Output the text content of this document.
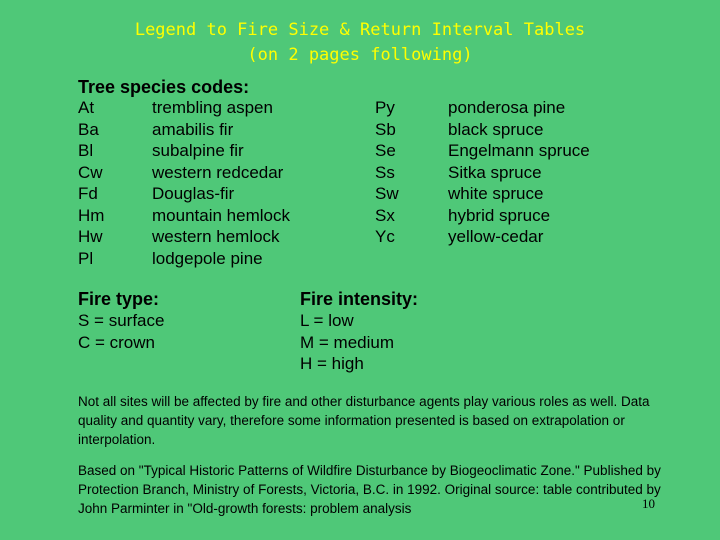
Legend to Fire Size & Return Interval Tables
(on 2 pages following)
Tree species codes:
At	trembling aspen
Ba	amabilis fir
Bl	subalpine fir
Cw	western redcedar
Fd	Douglas-fir
Hm	mountain hemlock
Hw	western hemlock
Pl	lodgepole pine
Py	ponderosa pine
Sb	black spruce
Se	Engelmann spruce
Ss	Sitka spruce
Sw	white spruce
Sx	hybrid spruce
Yc	yellow-cedar
Fire type:
S = surface
C = crown
Fire intensity:
L = low
M = medium
H = high
Not all sites will be affected by fire and other disturbance agents play various roles as well. Data quality and quantity vary, therefore some information presented is based on extrapolation or interpolation.
Based on "Typical Historic Patterns of Wildfire Disturbance by Biogeoclimatic Zone." Published by Protection Branch, Ministry of Forests, Victoria, B.C. in 1992. Original source: table contributed by John Parminter in "Old-growth forests: problem analysis	10
